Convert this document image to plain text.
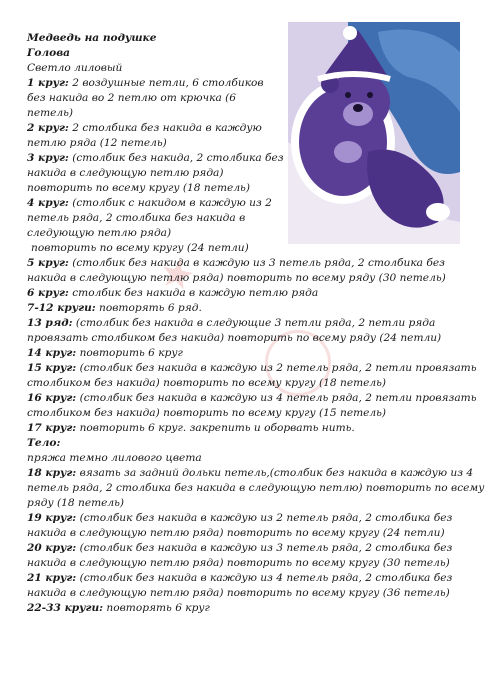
★
Медведь на подушке
Голова
Светло лиловый
1 круг: 2 воздушные петли, 6 столбиков без накида во 2 петлю от крючка (6 петель)
2 круг: 2 столбика без накида в каждую петлю ряда (12 петель)
3 круг: (столбик без накида, 2 столбика без накида в следующую петлю ряда) повторить по всему кругу (18 петель)
4 круг: (столбик с накидом в каждую из 2 петель ряда, 2 столбика без накида в следующую петлю ряда)
повторить по всему кругу (24 петли)
5 круг: (столбик без накида в каждую из 3 петель ряда, 2 столбика без
накида в следующую петлю ряда) повторить по всему ряду (30 петель)
6 круг: столбик без накида в каждую петлю ряда
7-12 круги: повторять 6 ряд.
13 ряд: (столбик без накида в следующие 3 петли ряда, 2 петли ряда
провязать столбиком без накида) повторить по всему ряду (24 петли)
14 круг: повторить 6 круг
15 круг: (столбик без накида в каждую из 2 петель ряда, 2 петли провязать
столбиком без накида) повторить по всему кругу (18 петель)
16 круг: (столбик без накида в каждую из 4 петель ряда, 2 петли провязать
столбиком без накида) повторить по всему кругу (15 петель)
17 круг: повторить 6 круг. закрепить и оборвать нить.
Тело:
пряжа темно лилового цвета
18 круг: вязать за задний дольки петель,(столбик без накида в каждую из 4
петель ряда, 2 столбика без накида в следующую петлю) повторить по всему
ряду (18 петель)
19 круг: (столбик без накида в каждую из 2 петель ряда, 2 столбика без
накида в следующую петлю ряда) повторить по всему кругу (24 петли)
20 круг: (столбик без накида в каждую из 3 петель ряда, 2 столбика без
накида в следующую петлю ряда) повторить по всему кругу (30 петель)
21 круг: (столбик без накида в каждую из 4 петель ряда, 2 столбика без
накида в следующую петлю ряда) повторить по всему кругу (36 петель)
22-33 круги: повторять 6 круг
